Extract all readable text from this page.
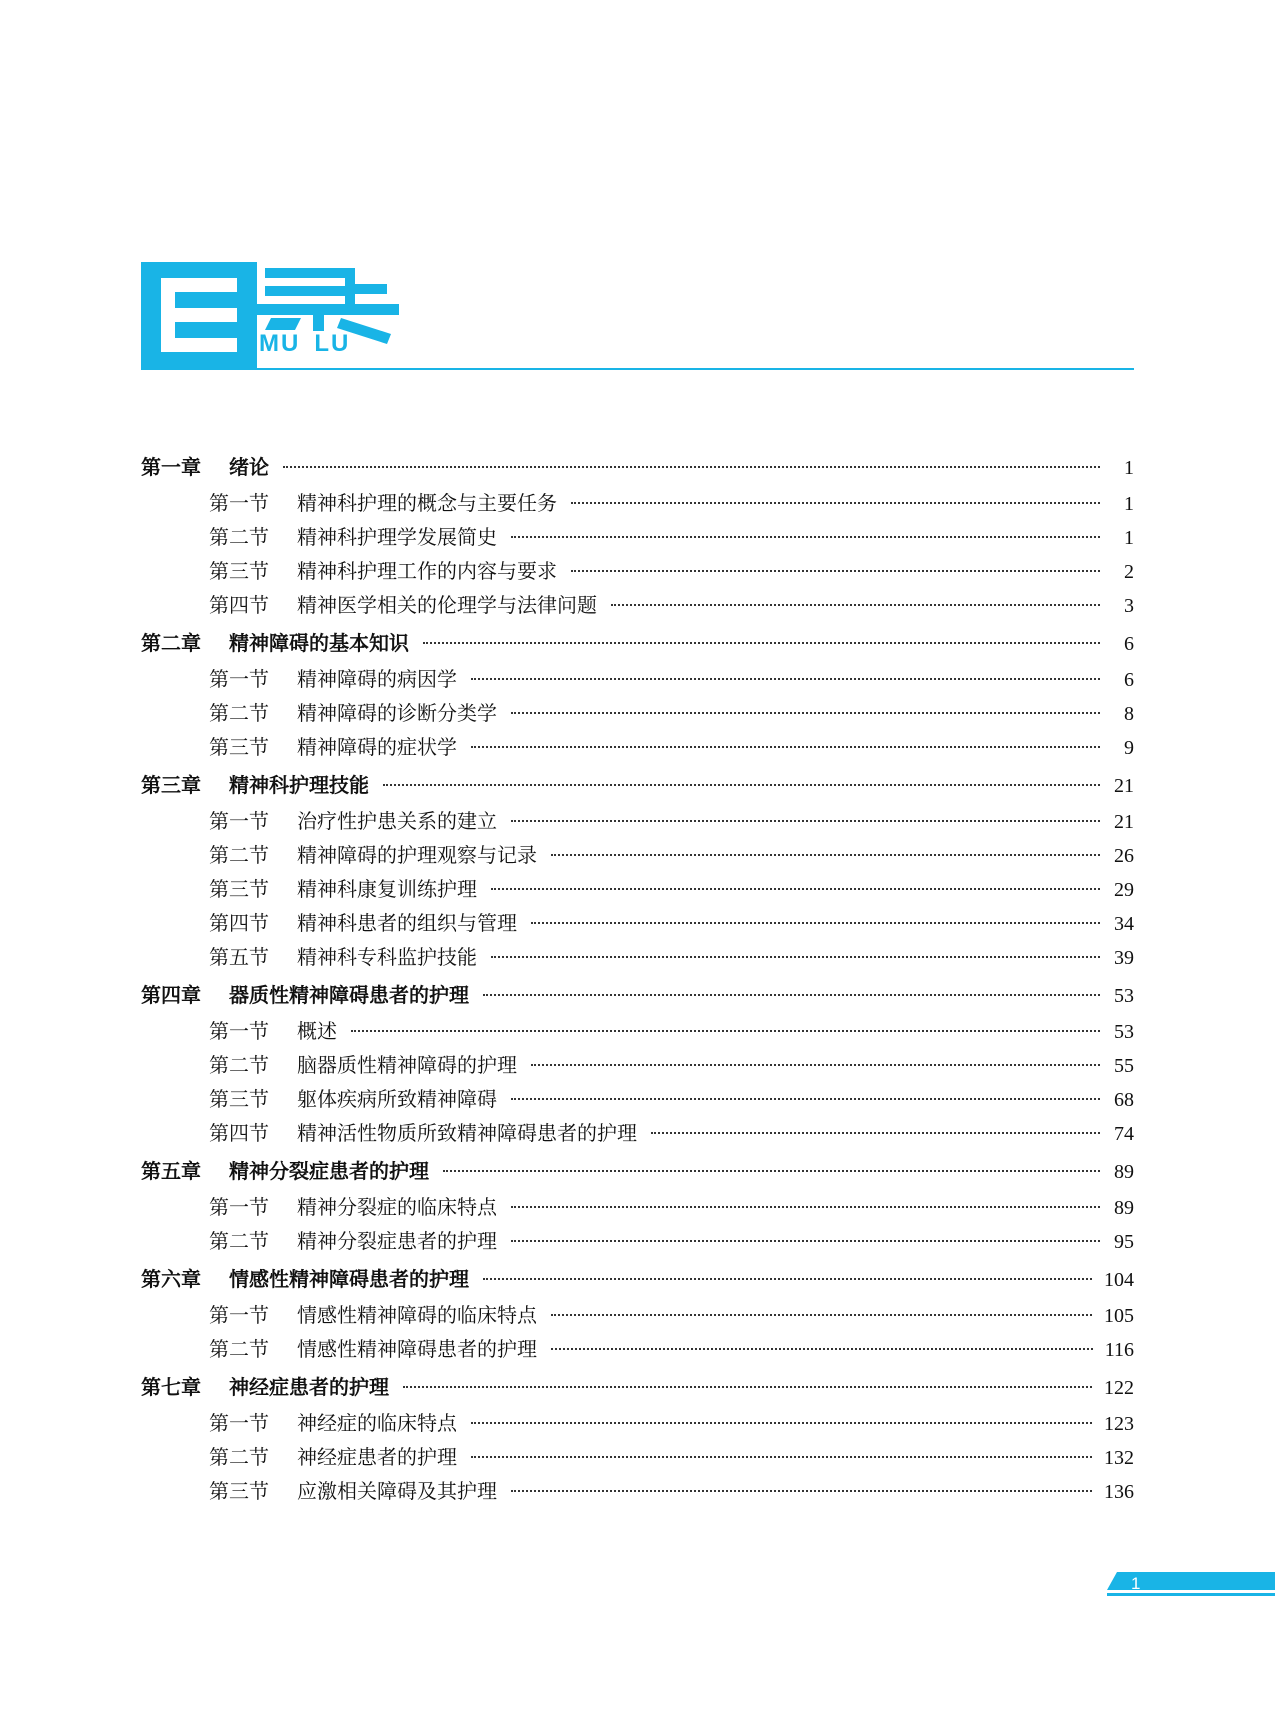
MU LU
第一章	绪论	1
第一节	精神科护理的概念与主要任务	1
第二节	精神科护理学发展简史	1
第三节	精神科护理工作的内容与要求	2
第四节	精神医学相关的伦理学与法律问题	3
第二章	精神障碍的基本知识	6
第一节	精神障碍的病因学	6
第二节	精神障碍的诊断分类学	8
第三节	精神障碍的症状学	9
第三章	精神科护理技能	21
第一节	治疗性护患关系的建立	21
第二节	精神障碍的护理观察与记录	26
第三节	精神科康复训练护理	29
第四节	精神科患者的组织与管理	34
第五节	精神科专科监护技能	39
第四章	器质性精神障碍患者的护理	53
第一节	概述	53
第二节	脑器质性精神障碍的护理	55
第三节	躯体疾病所致精神障碍	68
第四节	精神活性物质所致精神障碍患者的护理	74
第五章	精神分裂症患者的护理	89
第一节	精神分裂症的临床特点	89
第二节	精神分裂症患者的护理	95
第六章	情感性精神障碍患者的护理	104
第一节	情感性精神障碍的临床特点	105
第二节	情感性精神障碍患者的护理	116
第七章	神经症患者的护理	122
第一节	神经症的临床特点	123
第二节	神经症患者的护理	132
第三节	应激相关障碍及其护理	136
1
